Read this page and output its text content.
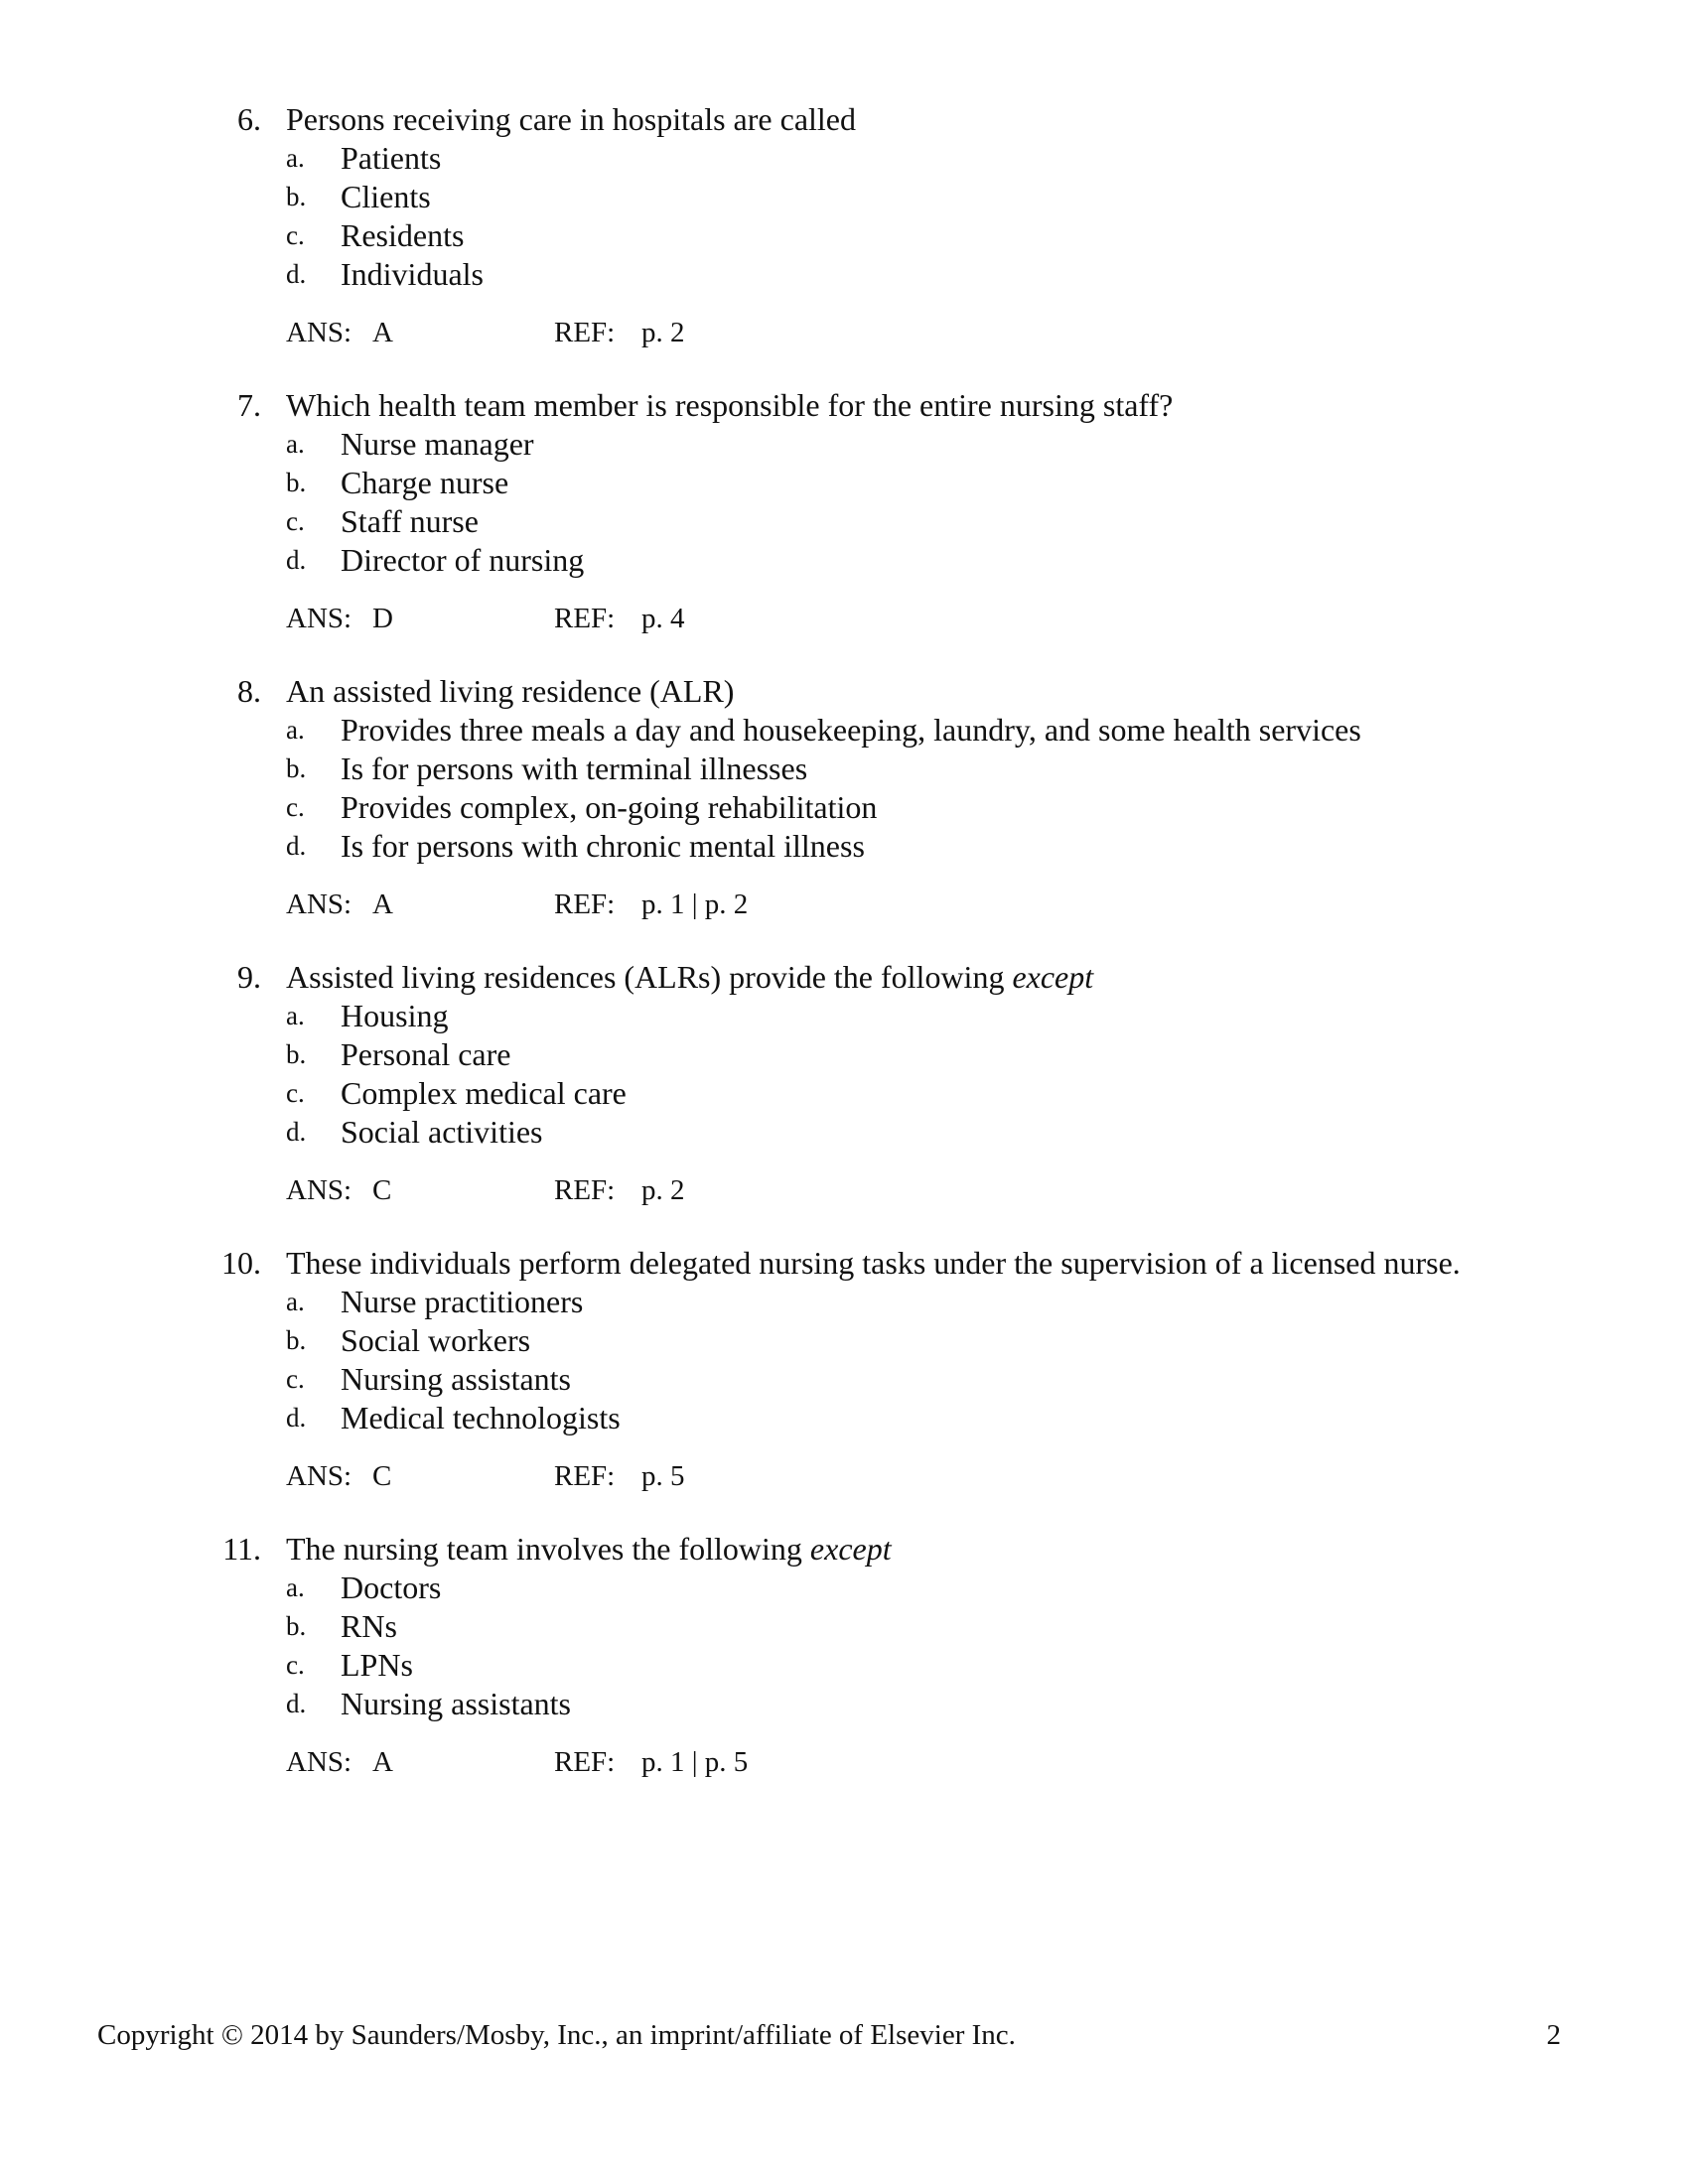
6. Persons receiving care in hospitals are called
a. Patients
b. Clients
c. Residents
d. Individuals
ANS: A	REF: p. 2
7. Which health team member is responsible for the entire nursing staff?
a. Nurse manager
b. Charge nurse
c. Staff nurse
d. Director of nursing
ANS: D	REF: p. 4
8. An assisted living residence (ALR)
a. Provides three meals a day and housekeeping, laundry, and some health services
b. Is for persons with terminal illnesses
c. Provides complex, on-going rehabilitation
d. Is for persons with chronic mental illness
ANS: A	REF: p. 1 | p. 2
9. Assisted living residences (ALRs) provide the following except
a. Housing
b. Personal care
c. Complex medical care
d. Social activities
ANS: C	REF: p. 2
10. These individuals perform delegated nursing tasks under the supervision of a licensed nurse.
a. Nurse practitioners
b. Social workers
c. Nursing assistants
d. Medical technologists
ANS: C	REF: p. 5
11. The nursing team involves the following except
a. Doctors
b. RNs
c. LPNs
d. Nursing assistants
ANS: A	REF: p. 1 | p. 5
Copyright © 2014 by Saunders/Mosby, Inc., an imprint/affiliate of Elsevier Inc.	2
